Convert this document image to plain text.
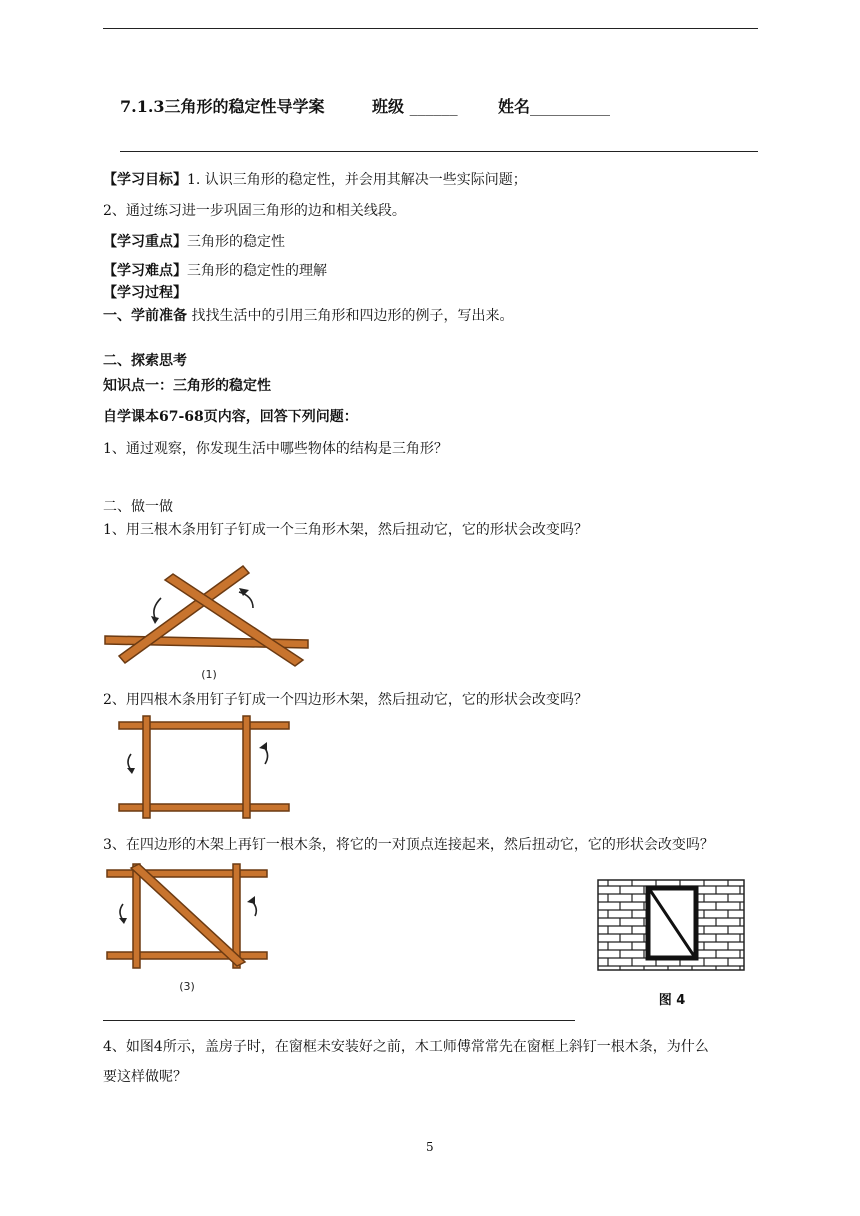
7.1.3三角形的稳定性导学案	班级 ______	姓名__________
【学习目标】1. 认识三角形的稳定性，并会用其解决一些实际问题；
2、通过练习进一步巩固三角形的边和相关线段。
【学习重点】三角形的稳定性
【学习难点】三角形的稳定性的理解
【学习过程】
一、学前准备 找找生活中的引用三角形和四边形的例子，写出来。
二、探索思考
知识点一：三角形的稳定性
自学课本67-68页内容，回答下列问题：
1、通过观察，你发现生活中哪些物体的结构是三角形？
二、做一做
1、用三根木条用钉子钉成一个三角形木架，然后扭动它，它的形状会改变吗？
(1)
2、用四根木条用钉子钉成一个四边形木架，然后扭动它，它的形状会改变吗？
3、在四边形的木架上再钉一根木条，将它的一对顶点连接起来，然后扭动它，它的形状会改变吗？
(3)
图 4
4、如图4所示，盖房子时，在窗框未安装好之前，木工师傅常常先在窗框上斜钉一根木条，为什么
要这样做呢？
5
